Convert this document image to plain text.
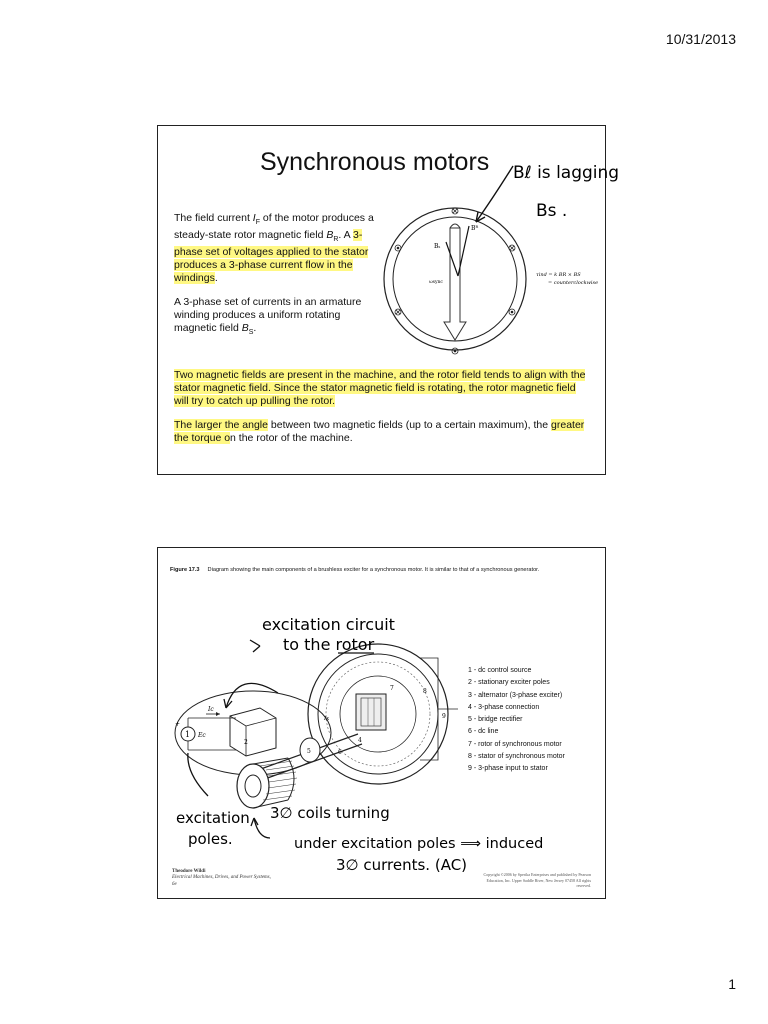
10/31/2013
Synchronous motors
The field current $I_F$ of the motor produces a steady-state rotor magnetic field $B_R$. A 3-phase set of voltages applied to the stator produces a 3-phase current flow in the windings.
A 3-phase set of currents in an armature winding produces a uniform rotating magnetic field $B_S$.
Two magnetic fields are present in the machine, and the rotor field tends to align with the stator magnetic field. Since the stator magnetic field is rotating, the rotor magnetic field will try to catch up pulling the rotor.
The larger the angle between two magnetic fields (up to a certain maximum), the greater the torque on the rotor of the machine.
Bₛ
Bᴿ
ωsync
τind = k BR × BS
= counterclockwise
Bℓ is lagging
Bs .
Figure 17.3 Diagram showing the main components of a brushless exciter for a synchronous motor. It is similar to that of a synchronous generator.
1
Ic
Ec
+
5
2
7	8
9
4
6
Ix
excitation circuit
to the rotor
excitation
poles.
3∅ coils turning
under excitation poles ⟹ induced
3∅ currents. (AC)
1 - dc control source
2 - stationary exciter poles
3 - alternator (3-phase exciter)
4 - 3-phase connection
5 - bridge rectifier
6 - dc line
7 - rotor of synchronous motor
8 - stator of synchronous motor
9 - 3-phase input to stator
Theodore Wildi
Electrical Machines, Drives, and Power Systems, 6e
Copyright ©2006 by Sperika Enterprises and published by Pearson Education, Inc. Upper Saddle River, New Jersey 07458 All rights reserved.
1
